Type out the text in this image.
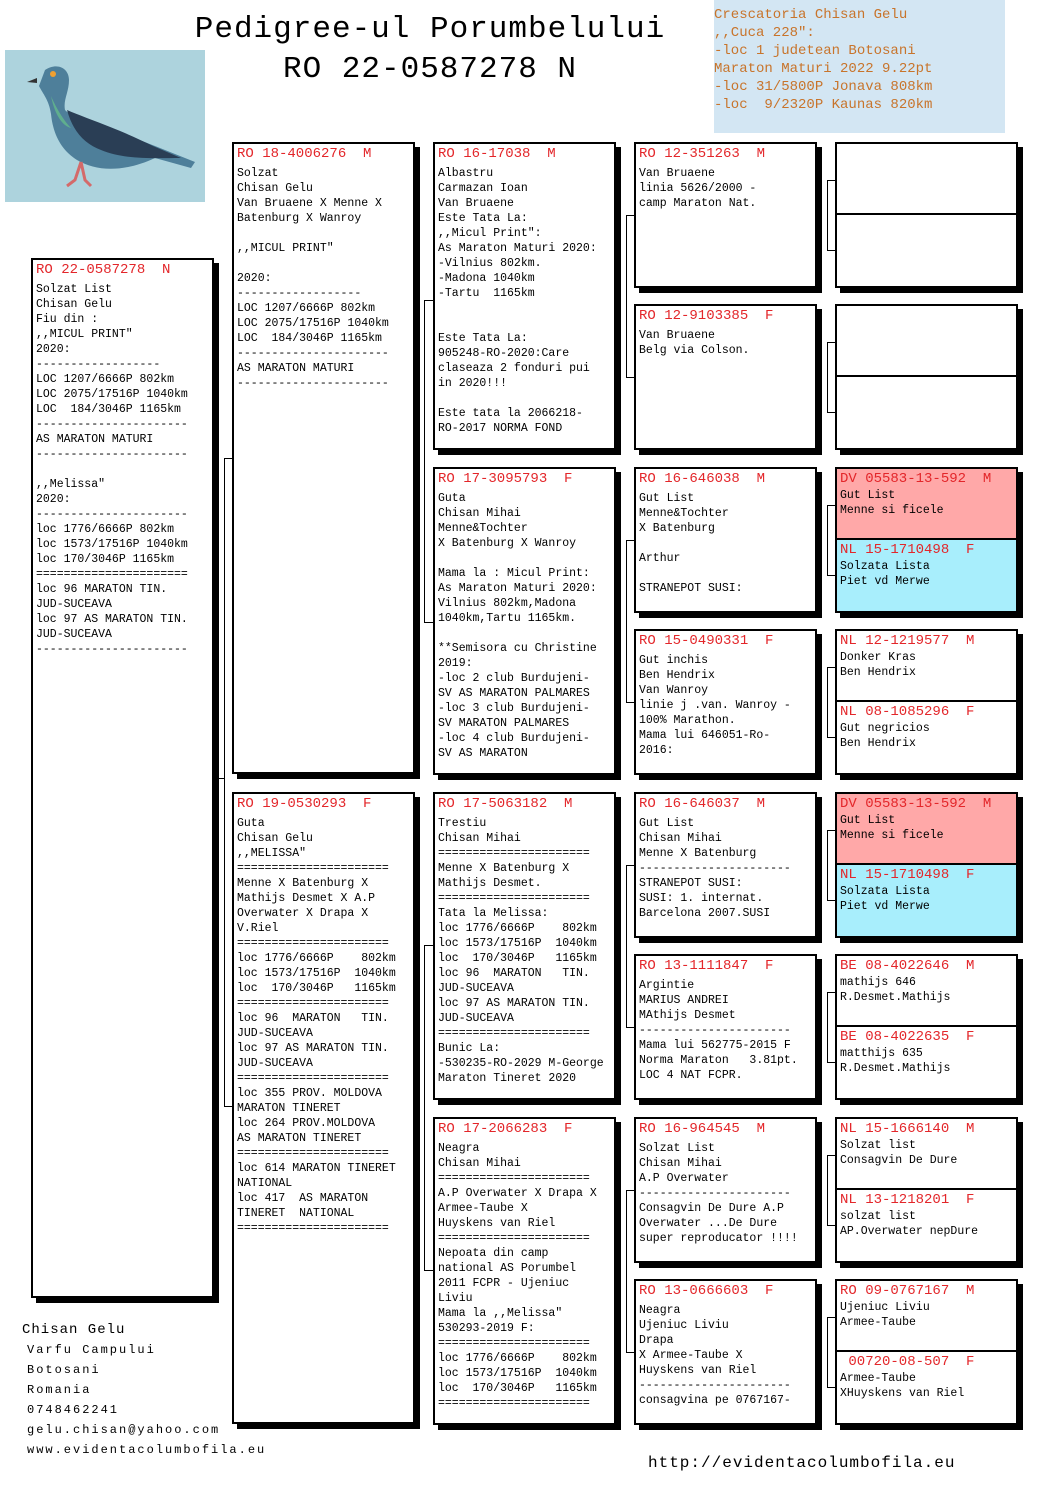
Pedigree-ul Porumbelului
RO 22-0587278 N
Crescatoria Chisan Gelu
,,Cuca 228":
-loc 1 judetean Botosani
Maraton Maturi 2022 9.22pt
-loc 31/5800P Jonava 808km
-loc  9/2320P Kaunas 820km
RO 22-0587278  N
Solzat List
Chisan Gelu
Fiu din :
,,MICUL PRINT"
2020:
------------------
LOC 1207/6666P 802km
LOC 2075/17516P 1040km
LOC  184/3046P 1165km
----------------------
AS MARATON MATURI
----------------------

,,Melissa"
2020:
----------------------
loc 1776/6666P 802km
loc 1573/17516P 1040km
loc 170/3046P 1165km
======================
loc 96 MARATON TIN.
JUD-SUCEAVA
loc 97 AS MARATON TIN.
JUD-SUCEAVA
----------------------
RO 18-4006276  M
Solzat
Chisan Gelu
Van Bruaene X Menne X
Batenburg X Wanroy

,,MICUL PRINT"

2020:
------------------
LOC 1207/6666P 802km
LOC 2075/17516P 1040km
LOC  184/3046P 1165km
----------------------
AS MARATON MATURI
----------------------
RO 19-0530293  F
Guta
Chisan Gelu
,,MELISSA"
======================
Menne X Batenburg X
Mathijs Desmet X A.P
Overwater X Drapa X
V.Riel
======================
loc 1776/6666P    802km
loc 1573/17516P  1040km
loc  170/3046P   1165km
======================
loc 96  MARATON   TIN.
JUD-SUCEAVA
loc 97 AS MARATON TIN.
JUD-SUCEAVA
======================
loc 355 PROV. MOLDOVA
MARATON TINERET
loc 264 PROV.MOLDOVA
AS MARATON TINERET
======================
loc 614 MARATON TINERET
NATIONAL
loc 417  AS MARATON
TINERET  NATIONAL
======================
RO 16-17038  M
Albastru
Carmazan Ioan
Van Bruaene
Este Tata La:
,,Micul Print":
As Maraton Maturi 2020:
-Vilnius 802km.
-Madona 1040km
-Tartu  1165km

Este Tata La:
905248-RO-2020:Care
claseaza 2 fonduri pui
in 2020!!!

Este tata la 2066218-
RO-2017 NORMA FOND
RO 17-3095793  F
Guta
Chisan Mihai
Menne&Tochter
X Batenburg X Wanroy

Mama la : Micul Print:
As Maraton Maturi 2020:
Vilnius 802km,Madona
1040km,Tartu 1165km.

**Semisora cu Christine
2019:
-loc 2 club Burdujeni-
SV AS MARATON PALMARES
-loc 3 club Burdujeni-
SV MARATON PALMARES
-loc 4 club Burdujeni-
SV AS MARATON
RO 17-5063182  M
Trestiu
Chisan Mihai
======================
Menne X Batenburg X
Mathijs Desmet.
======================
Tata la Melissa:
loc 1776/6666P    802km
loc 1573/17516P  1040km
loc  170/3046P   1165km
loc 96  MARATON   TIN.
JUD-SUCEAVA
loc 97 AS MARATON TIN.
JUD-SUCEAVA
======================
Bunic La:
-530235-RO-2029 M-George
Maraton Tineret 2020
RO 17-2066283  F
Neagra
Chisan Mihai
======================
A.P Overwater X Drapa X
Armee-Taube X
Huyskens van Riel
======================
Nepoata din camp
national AS Porumbel
2011 FCPR - Ujeniuc
Liviu
Mama la ,,Melissa"
530293-2019 F:
======================
loc 1776/6666P    802km
loc 1573/17516P  1040km
loc  170/3046P   1165km
======================
RO 12-351263  M
Van Bruaene
linia 5626/2000 -
camp Maraton Nat.
RO 12-9103385  F
Van Bruaene
Belg via Colson.
RO 16-646038  M
Gut List
Menne&Tochter
X Batenburg

Arthur

STRANEPOT SUSI:
RO 15-0490331  F
Gut inchis
Ben Hendrix
Van Wanroy
linie j .van. Wanroy -
100% Marathon.
Mama lui 646051-Ro-
2016:
RO 16-646037  M
Gut List
Chisan Mihai
Menne X Batenburg
----------------------
STRANEPOT SUSI:
SUSI: 1. internat.
Barcelona 2007.SUSI
RO 13-1111847  F
Argintie
MARIUS ANDREI
MAthijs Desmet
----------------------
Mama lui 562775-2015 F
Norma Maraton   3.81pt.
LOC 4 NAT FCPR.
RO 16-964545  M
Solzat List
Chisan Mihai
A.P Overwater
----------------------
Consagvin De Dure A.P
Overwater ...De Dure
super reproducator !!!!
RO 13-0666603  F
Neagra
Ujeniuc Liviu
Drapa
X Armee-Taube X
Huyskens van Riel
----------------------
consagvina pe 0767167-
DV 05583-13-592  M
Gut List
Menne si ficele
NL 15-1710498  F
Solzata Lista
Piet vd Merwe
NL 12-1219577  M
Donker Kras
Ben Hendrix
NL 08-1085296  F
Gut negricios
Ben Hendrix
DV 05583-13-592  M
Gut List
Menne si ficele
NL 15-1710498  F
Solzata Lista
Piet vd Merwe
BE 08-4022646  M
mathijs 646
R.Desmet.Mathijs
BE 08-4022635  F
matthijs 635
R.Desmet.Mathijs
NL 15-1666140  M
Solzat list
Consagvin De Dure
NL 13-1218201  F
solzat list
AP.Overwater nepDure
RO 09-0767167  M
Ujeniuc Liviu
Armee-Taube
00720-08-507  F
Armee-Taube
XHuyskens van Riel
Chisan Gelu
Varfu Campului
Botosani
Romania
0748462241
gelu.chisan@yahoo.com
www.evidentacolumbofila.eu
http://evidentacolumbofila.eu
